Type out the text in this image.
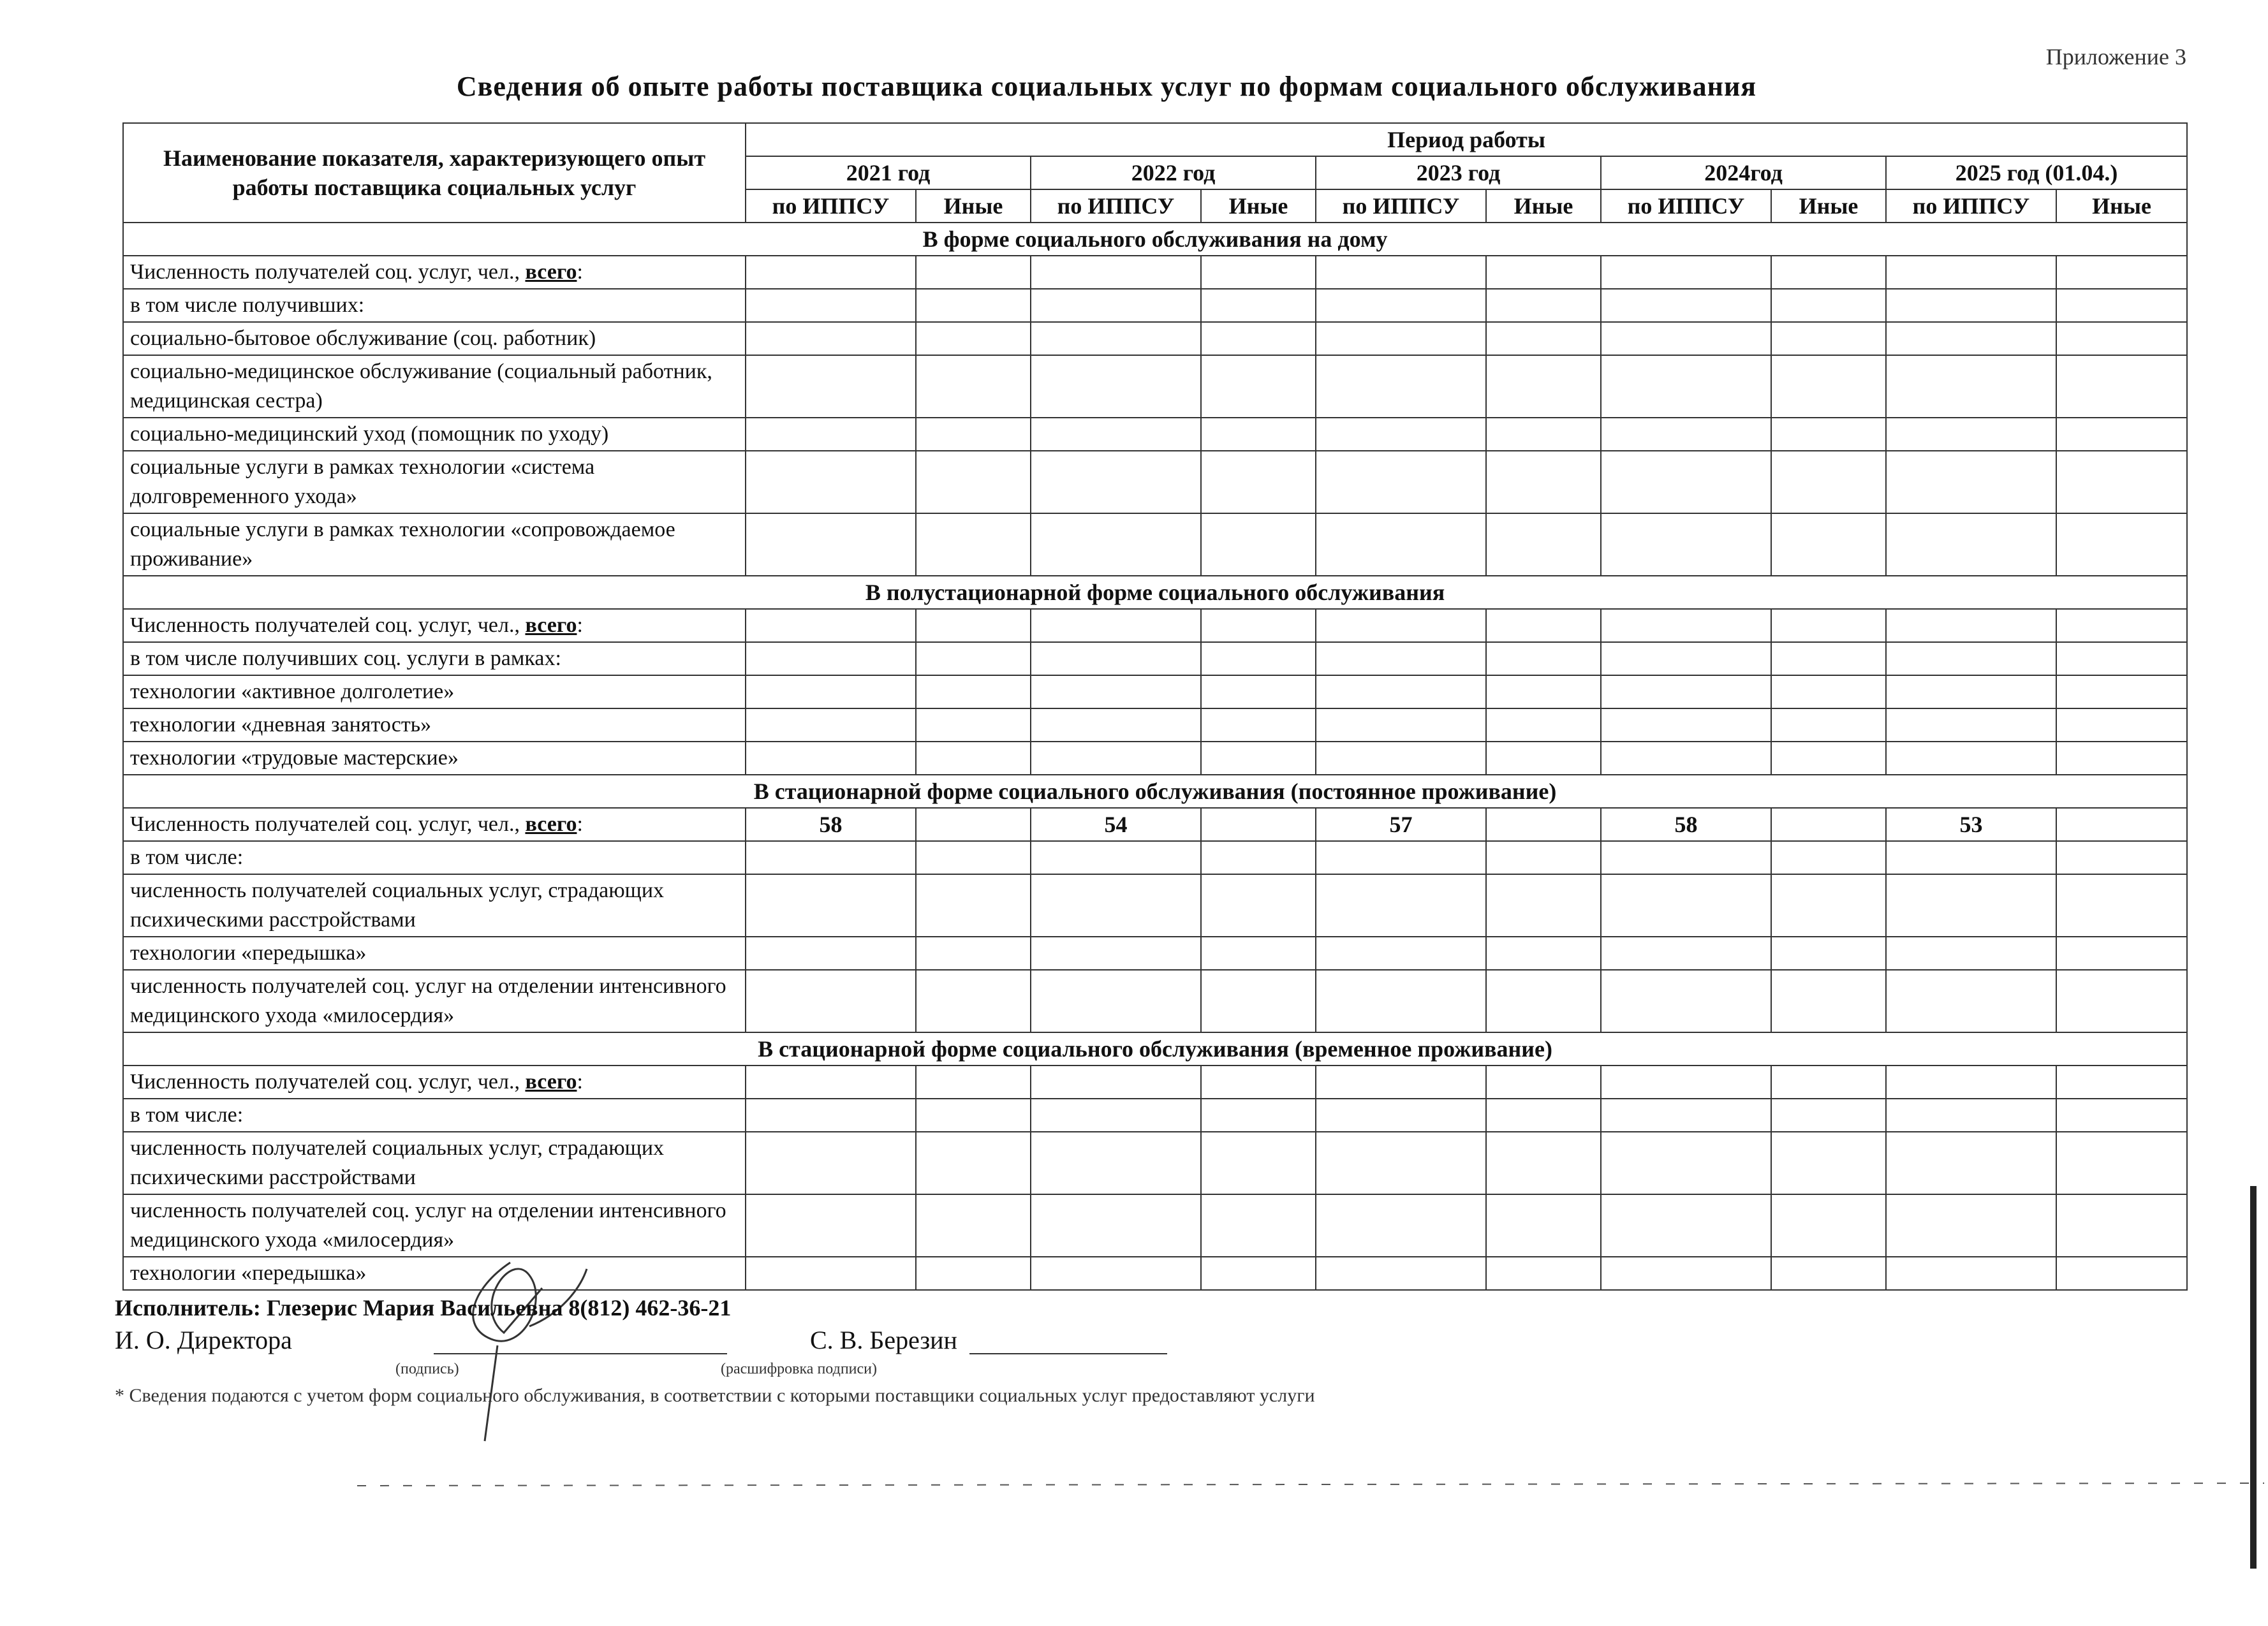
Приложение 3
Сведения об опыте работы поставщика социальных услуг по формам социального обслуживания
Наименование показателя, характеризующего опыт работы поставщика социальных услуг	Период работы									
	2021 год		2022 год		2023 год		2024год		2025 год (01.04.)	
	по ИППСУ	Иные	по ИППСУ	Иные	по ИППСУ	Иные	по ИППСУ	Иные	по ИППСУ	Иные
В форме социального обслуживания на дому										
Численность получателей соц. услуг, чел., всего:										
в том числе получивших:										
социально-бытовое обслуживание (соц. работник)										
социально-медицинское обслуживание (социальный работник, медицинская сестра)										
социально-медицинский уход (помощник по уходу)										
социальные услуги в рамках технологии «система долговременного ухода»										
социальные услуги в рамках технологии «сопровождаемое проживание»										
В полустационарной форме социального обслуживания										
Численность получателей соц. услуг, чел., всего:										
в том числе получивших соц. услуги в рамках:										
технологии «активное долголетие»										
технологии «дневная занятость»										
технологии «трудовые мастерские»										
В стационарной форме социального обслуживания (постоянное проживание)										
Численность получателей соц. услуг, чел., всего:	58		54		57		58		53	
в том числе:										
численность получателей социальных услуг, страдающих психическими расстройствами										
технологии «передышка»										
численность получателей соц. услуг на отделении интенсивного медицинского ухода «милосердия»										
В стационарной форме социального обслуживания (временное проживание)										
Численность получателей соц. услуг, чел., всего:										
в том числе:										
численность получателей социальных услуг, страдающих психическими расстройствами										
численность получателей соц. услуг на отделении интенсивного медицинского ухода «милосердия»										
технологии «передышка»										
Исполнитель: Глезерис Мария Васильевна 8(812) 462-36-21
И. О. Директора	С. В. Березин
(подпись)	(расшифровка подписи)
* Сведения подаются с учетом форм социального обслуживания, в соответствии с которыми поставщики социальных услуг предоставляют услуги
